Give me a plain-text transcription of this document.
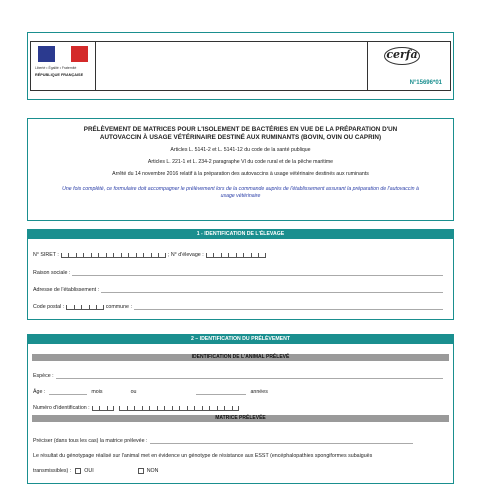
Liberté • Égalité • Fraternité
RÉPUBLIQUE FRANÇAISE
cerfa
N°15696*01
PRÉLÈVEMENT DE MATRICES POUR L'ISOLEMENT DE BACTÉRIES EN VUE DE LA PRÉPARATION D'UN AUTOVACCIN À USAGE VÉTÉRINAIRE DESTINÉ AUX RUMINANTS (BOVIN, OVIN OU CAPRIN)
Articles L. 5141-2 et L. 5141-12 du code de la santé publique
Articles L. 221-1 et L. 234-2 paragraphe VI du code rural et de la pêche maritime
Arrêté du 14 novembre 2016 relatif à la préparation des autovaccins à usage vétérinaire destinés aux ruminants
Une fois complété, ce formulaire doit accompagner le prélèvement lors de la commande auprès de l'établissement assurant la préparation de l'autovaccin à usage vétérinaire
1 - IDENTIFICATION DE L'ÉLEVAGE
N° SIRET :	; N° d'élevage :
Raison sociale :
Adresse de l'établissement :
Code postal :	commune :
2 – IDENTIFICATION DU PRÉLÈVEMENT
IDENTIFICATION DE L'ANIMAL PRÉLEVÉ
Espèce :
Âge :	mois	ou	années
Numéro d'identification :
MATRICE PRÉLEVÉE
Préciser (dans tous les cas) la matrice prélevée :
Le résultat du génotypage réalisé sur l'animal met en évidence un génotype de résistance aux ESST (encéphalopathies spongiformes subaiguës
transmissibles) : OUI	NON
